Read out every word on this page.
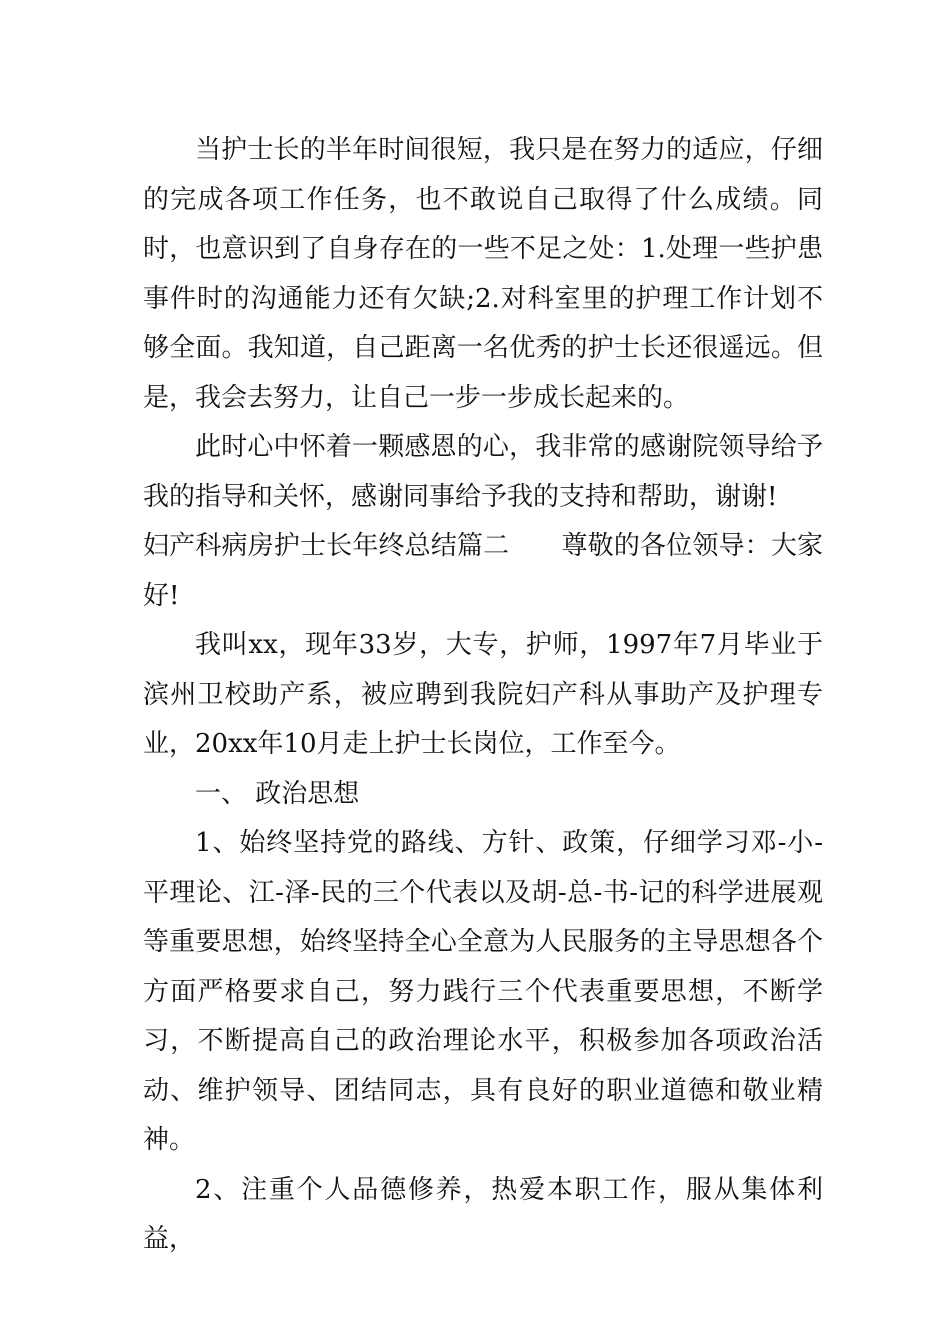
当护士长的半年时间很短，我只是在努力的适应，仔细的完成各项工作任务，也不敢说自己取得了什么成绩。同时，也意识到了自身存在的一些不足之处：1.处理一些护患事件时的沟通能力还有欠缺;2.对科室里的护理工作计划不够全面。我知道，自己距离一名优秀的护士长还很遥远。但是，我会去努力，让自己一步一步成长起来的。

此时心中怀着一颗感恩的心，我非常的感谢院领导给予我的指导和关怀，感谢同事给予我的支持和帮助，谢谢!

妇产科病房护士长年终总结篇二 尊敬的各位领导：大家好!

我叫xx，现年33岁，大专，护师，1997年7月毕业于滨州卫校助产系，被应聘到我院妇产科从事助产及护理专业，20xx年10月走上护士长岗位，工作至今。

一、 政治思想

1、始终坚持党的路线、方针、政策，仔细学习邓-小-平理论、江-泽-民的三个代表以及胡-总-书-记的科学进展观等重要思想，始终坚持全心全意为人民服务的主导思想各个方面严格要求自己，努力践行三个代表重要思想，不断学习，不断提高自己的政治理论水平，积极参加各项政治活动、维护领导、团结同志，具有良好的职业道德和敬业精神。

2、注重个人品德修养，热爱本职工作，服从集体利益，
